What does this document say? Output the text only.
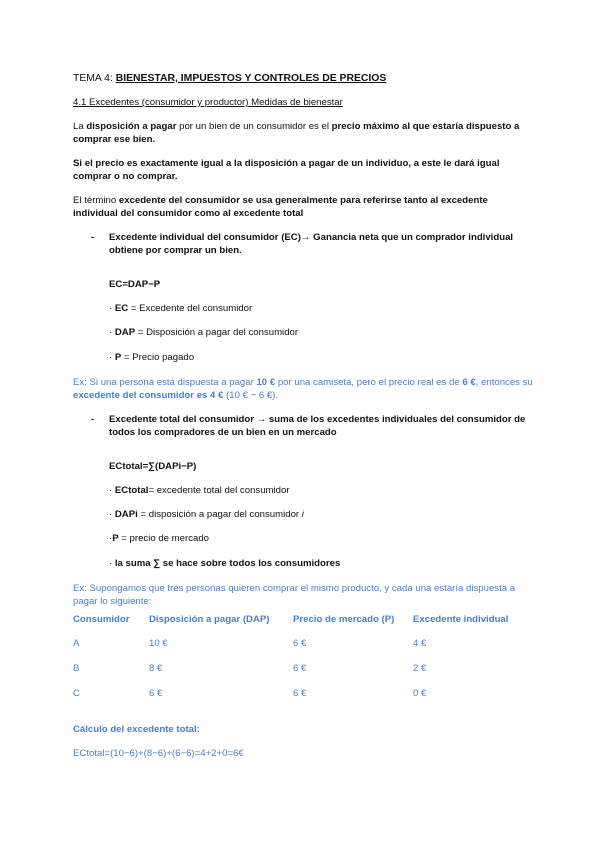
TEMA 4: BIENESTAR, IMPUESTOS Y CONTROLES DE PRECIOS

4.1 Excedentes (consumidor y productor) Medidas de bienestar

La disposición a pagar por un bien de un consumidor es el precio máximo al que estaría dispuesto a comprar ese bien.

Si el precio es exactamente igual a la disposición a pagar de un individuo, a este le dará igual comprar o no comprar.

El término excedente del consumidor se usa generalmente para referirse tanto al excedente individual del consumidor como al excedente total

-	Excedente individual del consumidor (EC)→ Ganancia neta que un comprador individual obtiene por comprar un bien.

EC=DAP−P

· EC = Excedente del consumidor

· DAP = Disposición a pagar del consumidor

· P = Precio pagado

Ex: Si una persona está dispuesta a pagar 10 € por una camiseta, pero el precio real es de 6 €, entonces su excedente del consumidor es 4 € (10 € − 6 €).

-	Excedente total del consumidor → suma de los excedentes individuales del consumidor de todos los compradores de un bien en un mercado

ECtotal=∑(DAPi−P)

· ECtotal= excedente total del consumidor

· DAPi = disposición a pagar del consumidor i

·P = precio de mercado

· la suma ∑ se hace sobre todos los consumidores

Ex: Supongamos que tres personas quieren comprar el mismo producto, y cada una estaría dispuesta a pagar lo siguiente:

Consumidor	Disposición a pagar (DAP)	Precio de mercado (P)	Excedente individual
A	10 €	6 €	4 €
B	8 €	6 €	2 €
C	6 €	6 €	0 €

Cálculo del excedente total:

ECtotal=(10−6)+(8−6)+(6−6)=4+2+0=6€
